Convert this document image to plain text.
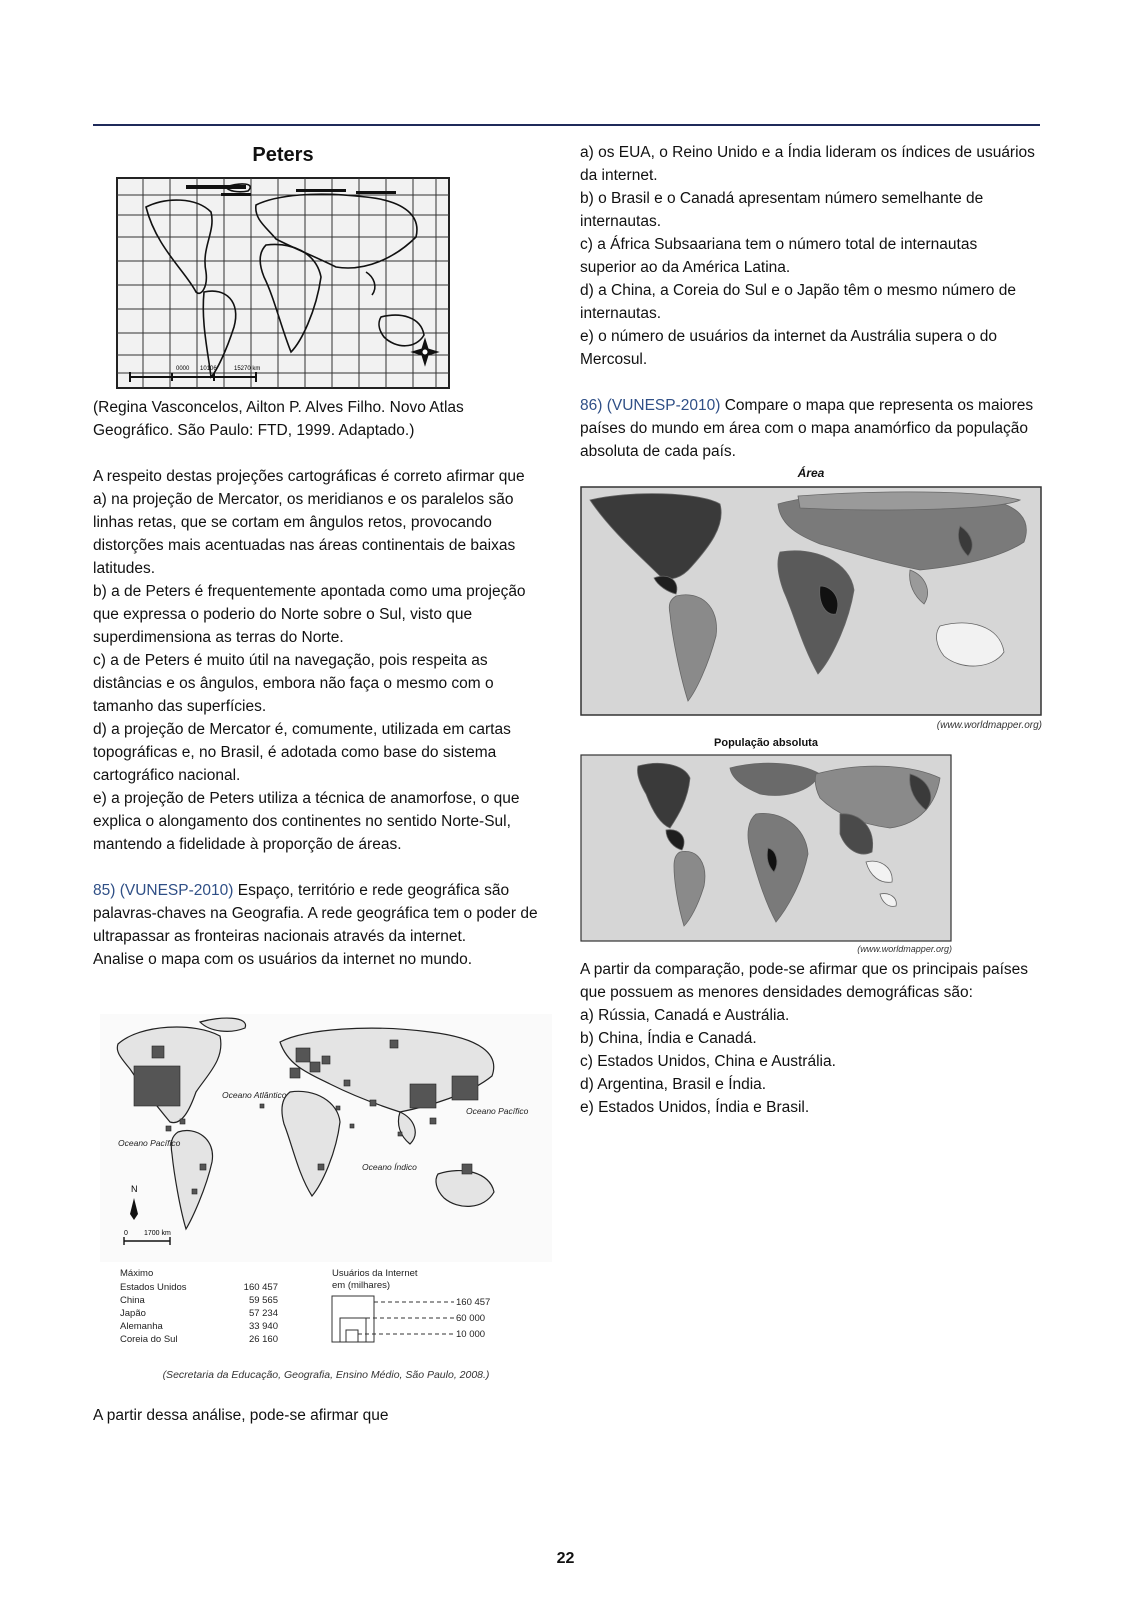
Peters
0000 10106	15270 km

(Regina Vasconcelos, Ailton P. Alves Filho. Novo Atlas Geográfico. São Paulo: FTD, 1999. Adaptado.)

A respeito destas projeções cartográficas é correto afirmar que

a) na projeção de Mercator, os meridianos e os paralelos são linhas retas, que se cortam em ângulos retos, provocando distorções mais acentuadas nas áreas continentais de baixas latitudes.

b) a de Peters é frequentemente apontada como uma projeção que expressa o poderio do Norte sobre o Sul, visto que superdimensiona as terras do Norte.

c) a de Peters é muito útil na navegação, pois respeita as distâncias e os ângulos, embora não faça o mesmo com o tamanho das superfícies.

d) a projeção de Mercator é, comumente, utilizada em cartas topográficas e, no Brasil, é adotada como base do sistema cartográfico nacional.

e) a projeção de Peters utiliza a técnica de anamorfose, o que explica o alongamento dos continentes no sentido Norte-Sul, mantendo a fidelidade à proporção de áreas.

85) (VUNESP-2010) Espaço, território e rede geográfica são palavras-chaves na Geografia. A rede geográfica tem o poder de ultrapassar as fronteiras nacionais através da internet.

Analise o mapa com os usuários da internet no mundo.

Oceano Atlântico
Oceano Pacífico
Oceano Pacífico
Oceano Índico
N
0 1700 km
Máximo
Estados Unidos	160 457
China	59 565
Japão	57 234
Alemanha	33 940
Coreia do Sul	26 160
Usuários da Internet
em (milhares)
160 457
60 000
10 000
(Secretaria da Educação, Geografia, Ensino Médio, São Paulo, 2008.)

A partir dessa análise, pode-se afirmar que

a) os EUA, o Reino Unido e a Índia lideram os índices de usuários da internet.

b) o Brasil e o Canadá apresentam número semelhante de internautas.

c) a África Subsaariana tem o número total de internautas superior ao da América Latina.

d) a China, a Coreia do Sul e o Japão têm o mesmo número de internautas.

e) o número de usuários da internet da Austrália supera o do Mercosul.

86) (VUNESP-2010) Compare o mapa que representa os maiores países do mundo em área com o mapa anamórfico da população absoluta de cada país.

Área
(www.worldmapper.org)
População absoluta
(www.worldmapper.org)

A partir da comparação, pode-se afirmar que os principais países que possuem as menores densidades demográficas são:

a) Rússia, Canadá e Austrália.

b) China, Índia e Canadá.

c) Estados Unidos, China e Austrália.

d) Argentina, Brasil e Índia.

e) Estados Unidos, Índia e Brasil.

22
